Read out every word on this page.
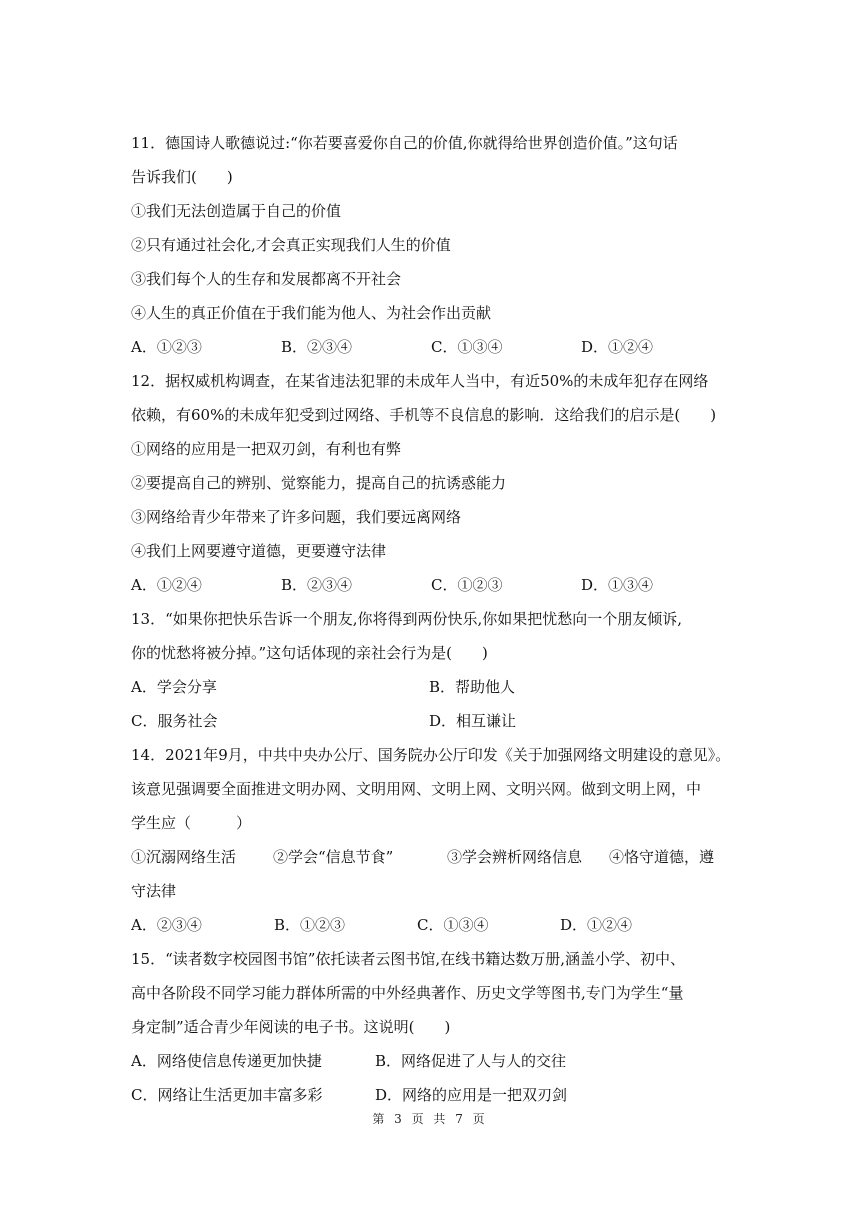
11．德国诗人歌德说过:“你若要喜爱你自己的价值,你就得给世界创造价值。”这句话
告诉我们(　　)
①我们无法创造属于自己的价值
②只有通过社会化,才会真正实现我们人生的价值
③我们每个人的生存和发展都离不开社会
④人生的真正价值在于我们能为他人、为社会作出贡献
A．①②③	B．②③④	C．①③④	D．①②④
12．据权威机构调查，在某省违法犯罪的未成年人当中，有近50%的未成年犯存在网络
依赖，有60%的未成年犯受到过网络、手机等不良信息的影响．这给我们的启示是(　　)
①网络的应用是一把双刃剑，有利也有弊
②要提高自己的辨别、觉察能力，提高自己的抗诱惑能力
③网络给青少年带来了许多问题，我们要远离网络
④我们上网要遵守道德，更要遵守法律
A．①②④	B．②③④	C．①②③	D．①③④
13．“如果你把快乐告诉一个朋友,你将得到两份快乐,你如果把忧愁向一个朋友倾诉,
你的忧愁将被分掉。”这句话体现的亲社会行为是(　　)
A．学会分享	B．帮助他人
C．服务社会	D．相互谦让
14．2021年9月，中共中央办公厅、国务院办公厅印发《关于加强网络文明建设的意见》。
该意见强调要全面推进文明办网、文明用网、文明上网、文明兴网。做到文明上网，中
学生应（　　　）
①沉溺网络生活	②学会“信息节食”	③学会辨析网络信息	④恪守道德，遵
守法律
A．②③④	B．①②③	C．①③④	D．①②④
15．“读者数字校园图书馆”依托读者云图书馆,在线书籍达数万册,涵盖小学、初中、
高中各阶段不同学习能力群体所需的中外经典著作、历史文学等图书,专门为学生“量
身定制”适合青少年阅读的电子书。这说明(　　)
A．网络使信息传递更加快捷	B．网络促进了人与人的交往
C．网络让生活更加丰富多彩	D．网络的应用是一把双刃剑
第 3 页 共 7 页
